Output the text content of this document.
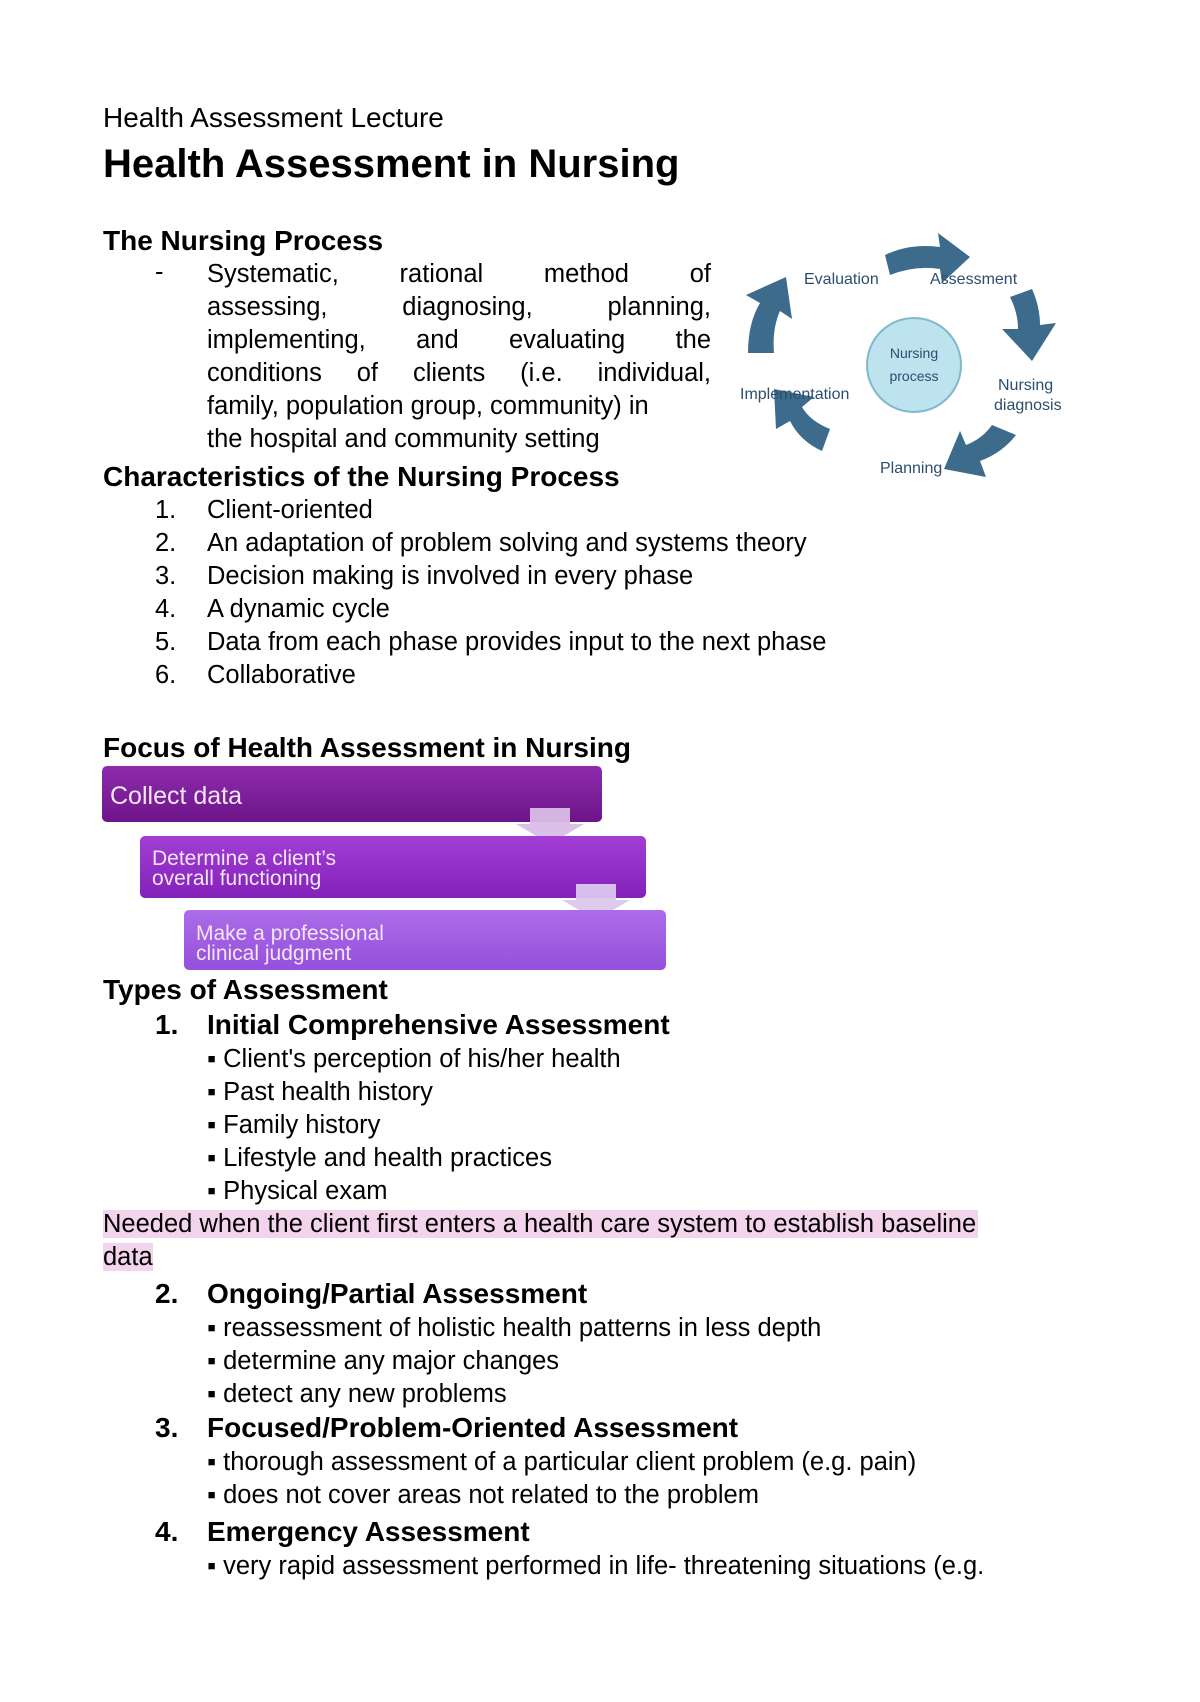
Health Assessment Lecture
Health Assessment in Nursing
The Nursing Process
- Systematic, rational method of
assessing, diagnosing, planning,
implementing, and evaluating the
conditions of clients (i.e. individual,
family, population group, community) in
the hospital and community setting
Nursing
process
Evaluation	Assessment
Nursing
diagnosis
Planning
Implementation
Characteristics of the Nursing Process
1. Client-oriented
2. An adaptation of problem solving and systems theory
3. Decision making is involved in every phase
4. A dynamic cycle
5. Data from each phase provides input to the next phase
6. Collaborative
Focus of Health Assessment in Nursing
Collect data
Determine a client’s
overall functioning
Make a professional
clinical judgment
Types of Assessment
1. Initial Comprehensive Assessment
▪ Client's perception of his/her health
▪ Past health history
▪ Family history
▪ Lifestyle and health practices
▪ Physical exam
Needed when the client first enters a health care system to establish baseline
data
2. Ongoing/Partial Assessment
▪ reassessment of holistic health patterns in less depth
▪ determine any major changes
▪ detect any new problems
3. Focused/Problem-Oriented Assessment
▪ thorough assessment of a particular client problem (e.g. pain)
▪ does not cover areas not related to the problem
4. Emergency Assessment
▪ very rapid assessment performed in life- threatening situations (e.g.
